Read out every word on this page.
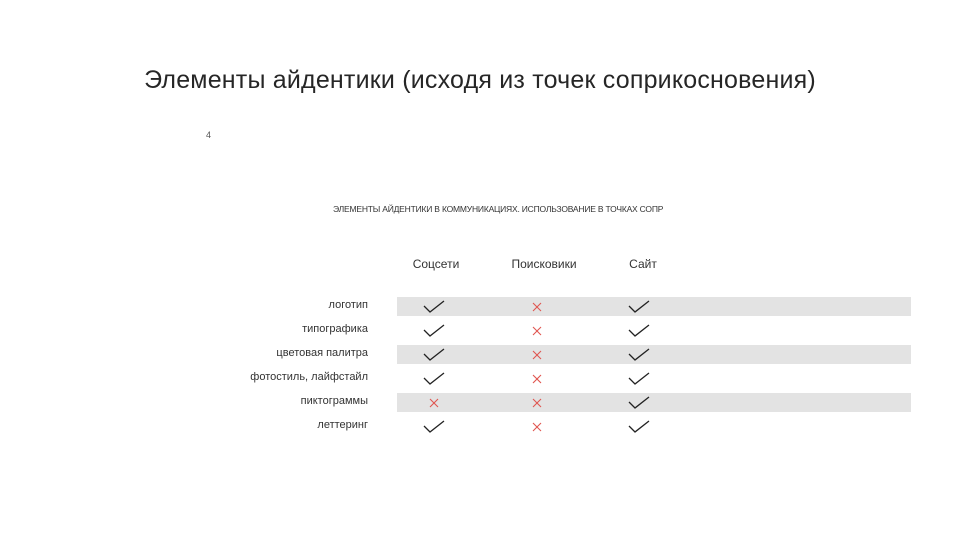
Элементы айдентики (исходя из точек соприкосновения)
4
ЭЛЕМЕНТЫ АЙДЕНТИКИ В КОММУНИКАЦИЯХ. ИСПОЛЬЗОВАНИЕ В ТОЧКАХ СОПР
Соцсети	Поисковики	Сайт
логотип
типографика
цветовая палитра
фотостиль, лайфстайл
пиктограммы
леттеринг
